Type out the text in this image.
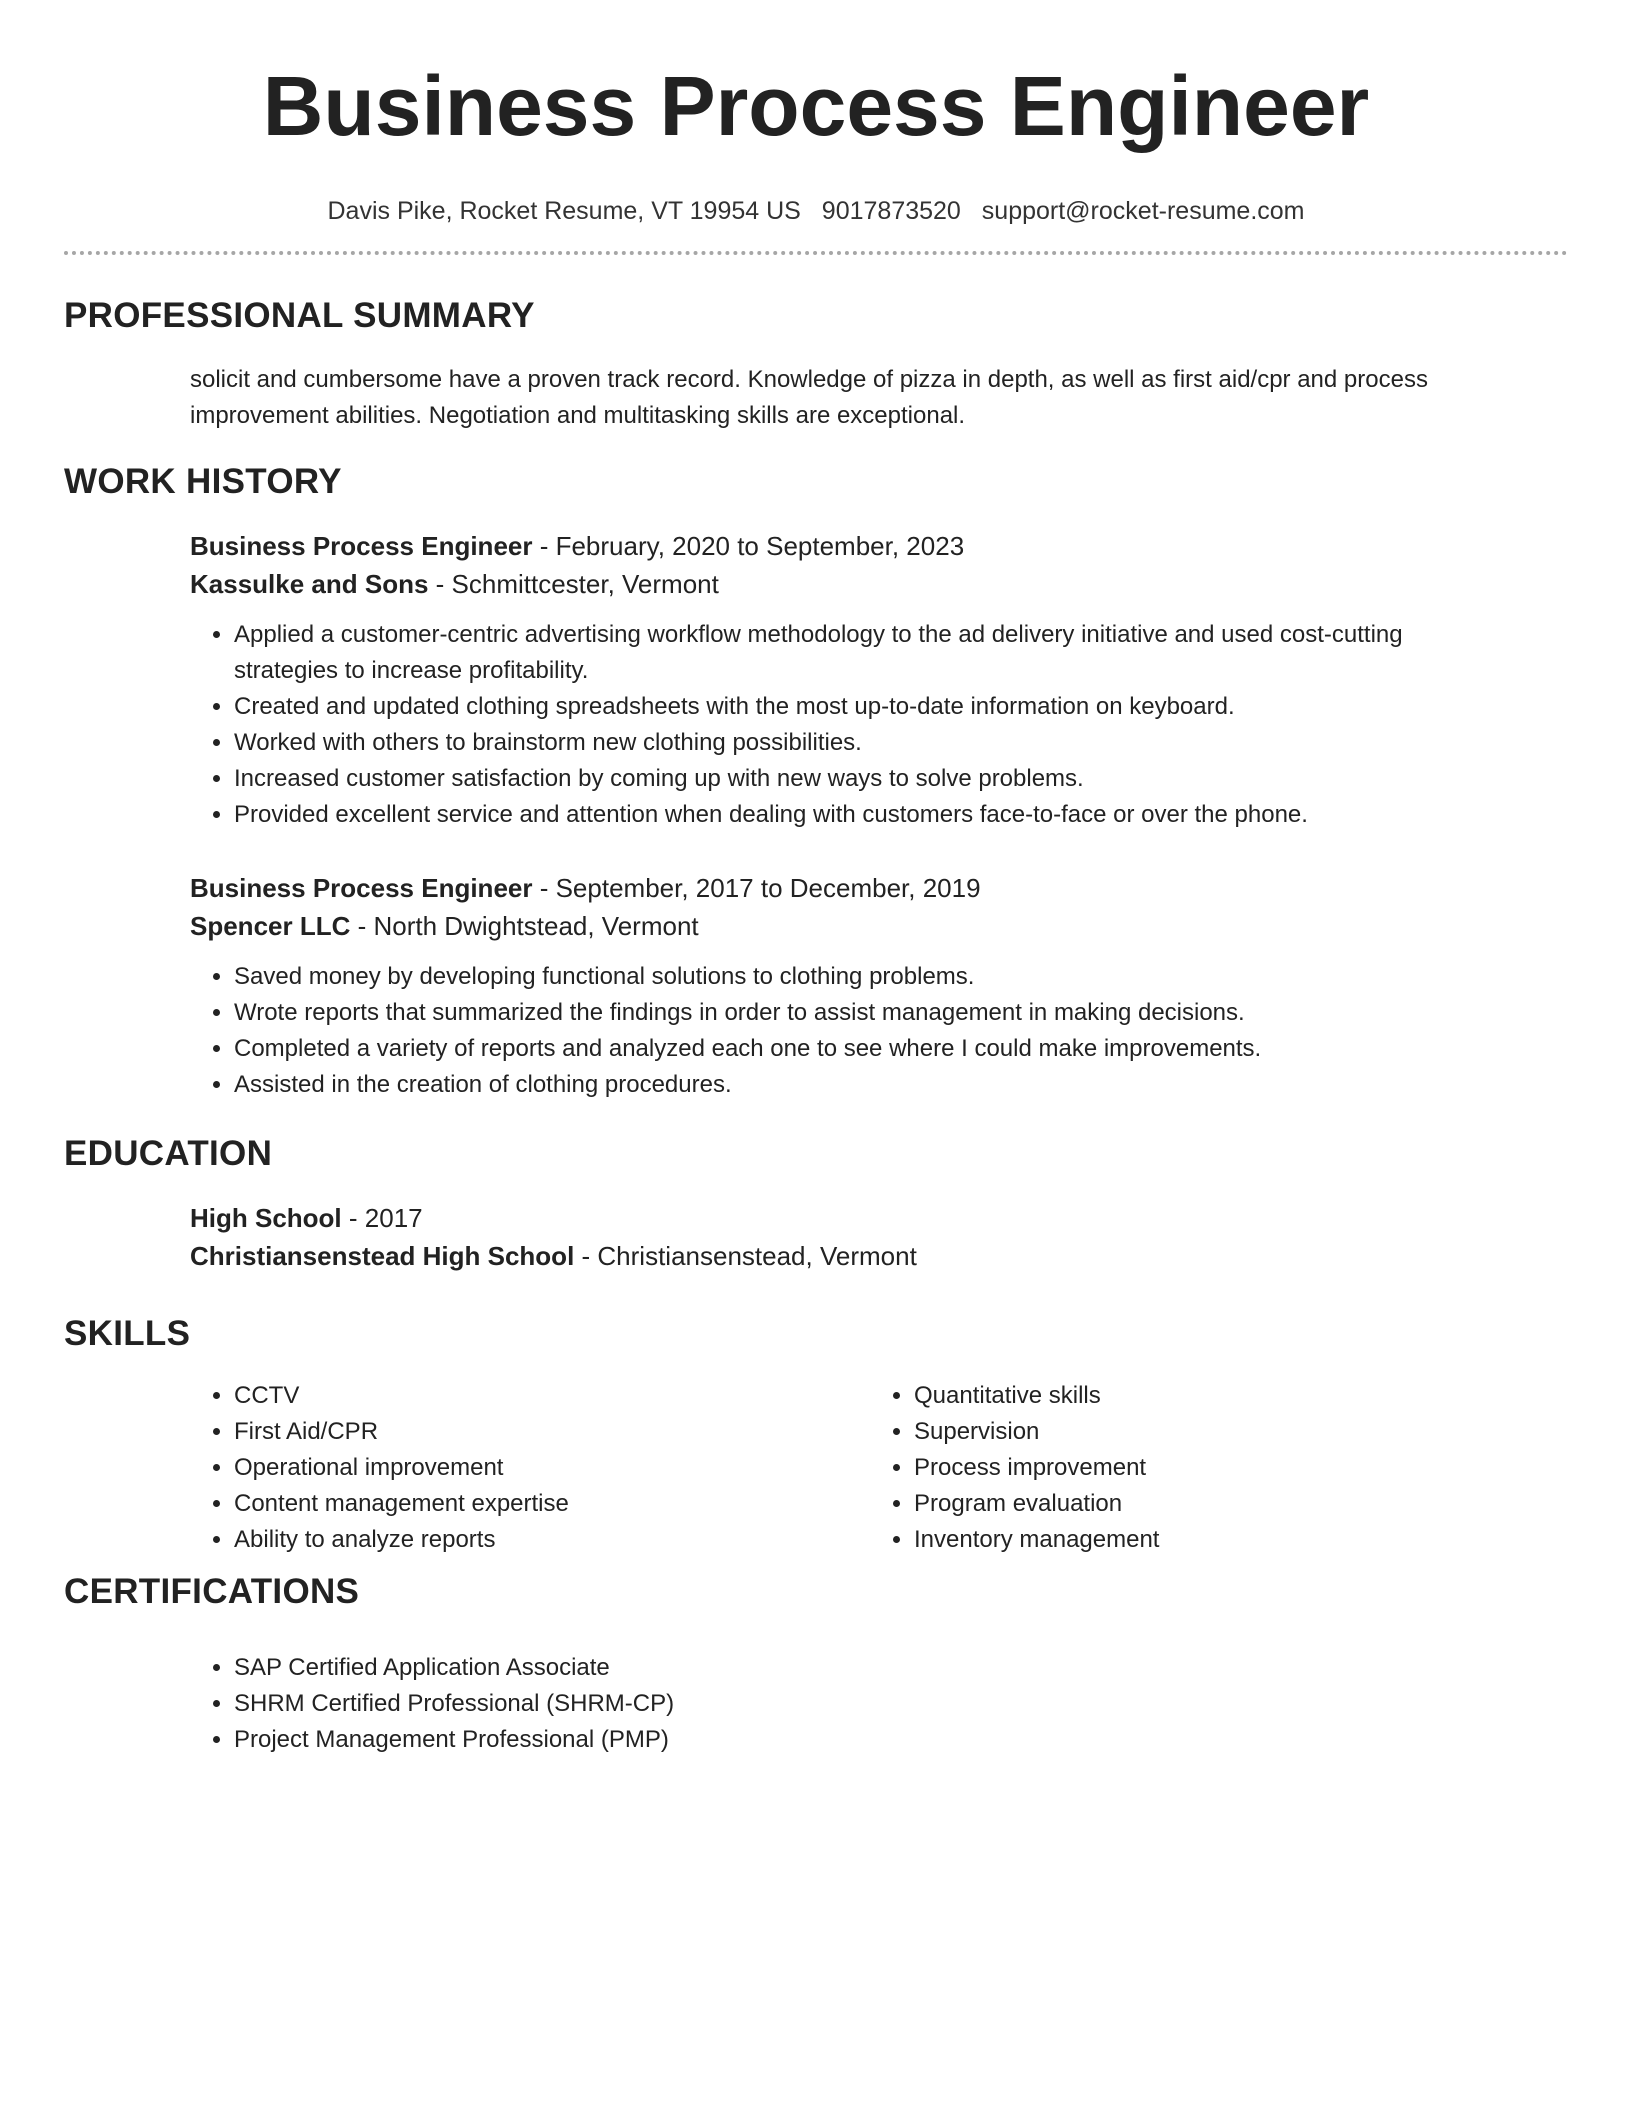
Business Process Engineer
Davis Pike, Rocket Resume, VT 19954 US 9017873520 support@rocket-resume.com
PROFESSIONAL SUMMARY

solicit and cumbersome have a proven track record. Knowledge of pizza in depth, as well as first aid/cpr and process improvement abilities. Negotiation and multitasking skills are exceptional.

WORK HISTORY

Business Process Engineer - February, 2020 to September, 2023

Kassulke and Sons - Schmittcester, Vermont

• Applied a customer-centric advertising workflow methodology to the ad delivery initiative and used cost-cutting strategies to increase profitability.
• Created and updated clothing spreadsheets with the most up-to-date information on keyboard.
• Worked with others to brainstorm new clothing possibilities.
• Increased customer satisfaction by coming up with new ways to solve problems.
• Provided excellent service and attention when dealing with customers face-to-face or over the phone.

Business Process Engineer - September, 2017 to December, 2019

Spencer LLC - North Dwightstead, Vermont

• Saved money by developing functional solutions to clothing problems.
• Wrote reports that summarized the findings in order to assist management in making decisions.
• Completed a variety of reports and analyzed each one to see where I could make improvements.
• Assisted in the creation of clothing procedures.
EDUCATION

High School - 2017

Christiansenstead High School - Christiansenstead, Vermont

SKILLS
• CCTV
• First Aid/CPR
• Operational improvement
• Content management expertise
• Ability to analyze reports
• Quantitative skills
• Supervision
• Process improvement
• Program evaluation
• Inventory management
CERTIFICATIONS
• SAP Certified Application Associate
• SHRM Certified Professional (SHRM-CP)
• Project Management Professional (PMP)
